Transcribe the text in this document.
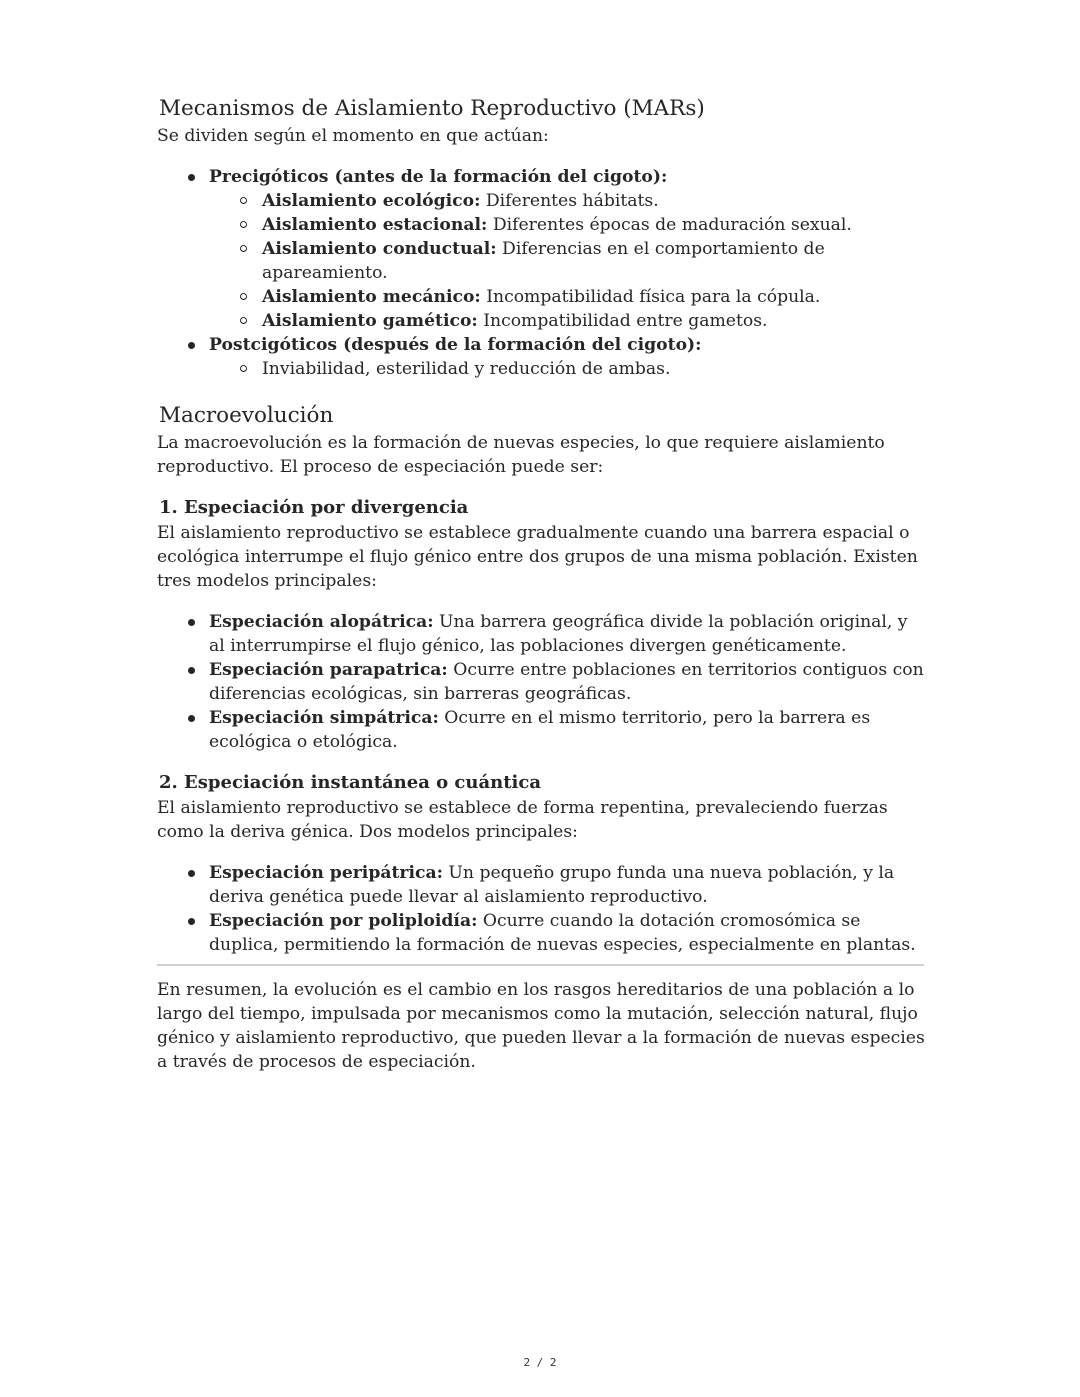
Mecanismos de Aislamiento Reproductivo (MARs)

Se dividen según el momento en que actúan:

Precigóticos (antes de la formación del cigoto):
Aislamiento ecológico: Diferentes hábitats.
Aislamiento estacional: Diferentes épocas de maduración sexual.
Aislamiento conductual: Diferencias en el comportamiento de apareamiento.
Aislamiento mecánico: Incompatibilidad física para la cópula.
Aislamiento gamético: Incompatibilidad entre gametos.
Postcigóticos (después de la formación del cigoto):
Inviabilidad, esterilidad y reducción de ambas.
Macroevolución

La macroevolución es la formación de nuevas especies, lo que requiere aislamiento reproductivo. El proceso de especiación puede ser:

1. Especiación por divergencia

El aislamiento reproductivo se establece gradualmente cuando una barrera espacial o ecológica interrumpe el flujo génico entre dos grupos de una misma población. Existen tres modelos principales:

Especiación alopátrica: Una barrera geográfica divide la población original, y al interrumpirse el flujo génico, las poblaciones divergen genéticamente.
Especiación parapatrica: Ocurre entre poblaciones en territorios contiguos con diferencias ecológicas, sin barreras geográficas.
Especiación simpátrica: Ocurre en el mismo territorio, pero la barrera es ecológica o etológica.
2. Especiación instantánea o cuántica

El aislamiento reproductivo se establece de forma repentina, prevaleciendo fuerzas como la deriva génica. Dos modelos principales:

Especiación peripátrica: Un pequeño grupo funda una nueva población, y la deriva genética puede llevar al aislamiento reproductivo.
Especiación por poliploidía: Ocurre cuando la dotación cromosómica se duplica, permitiendo la formación de nuevas especies, especialmente en plantas.

En resumen, la evolución es el cambio en los rasgos hereditarios de una población a lo largo del tiempo, impulsada por mecanismos como la mutación, selección natural, flujo génico y aislamiento reproductivo, que pueden llevar a la formación de nuevas especies a través de procesos de especiación.

2 / 2
